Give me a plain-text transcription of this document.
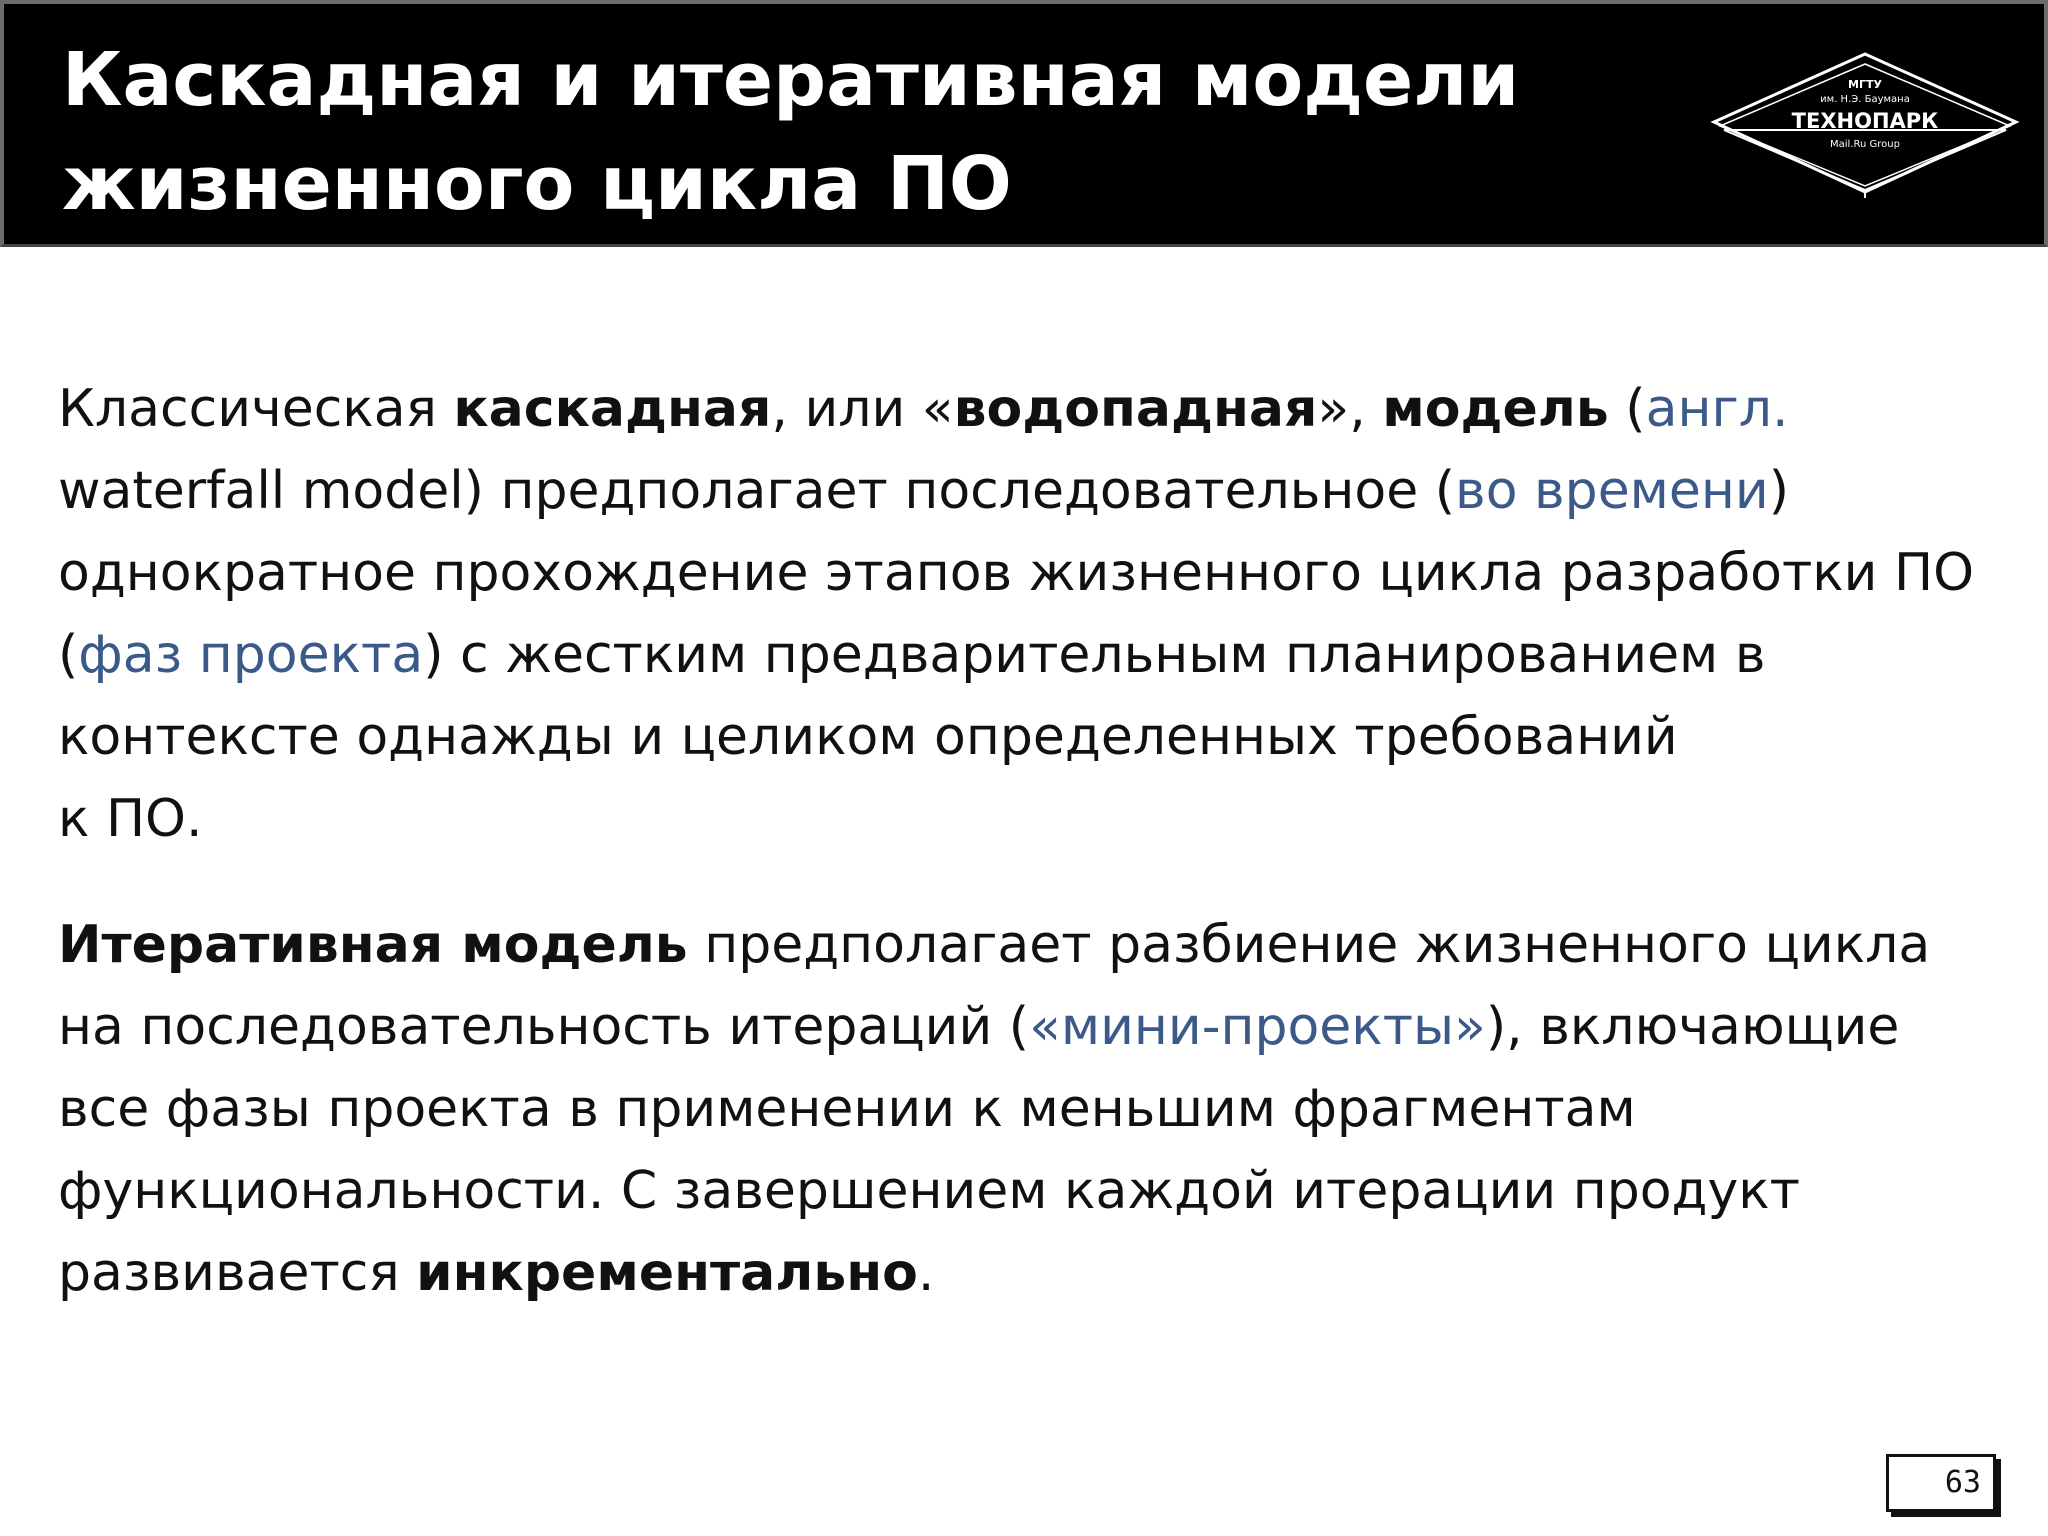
Каскадная и итеративная модели
жизненного цикла ПО
МГТУ
им. Н.Э. Баумана
ТЕХНОПАРК
Mail.Ru Group

Классическая каскадная, или «водопадная», модель (англ. waterfall model) предполагает последовательное (во времени) однократное прохождение этапов жизненного цикла разработки ПО (фаз проекта) с жестким предварительным планированием в контексте однажды и целиком определенных требований
к ПО.

Итеративная модель предполагает разбиение жизненного цикла на последовательность итераций («мини-проекты»), включающие все фазы проекта в применении к меньшим фрагментам функциональности. С завершением каждой итерации продукт развивается инкрементально.

63
